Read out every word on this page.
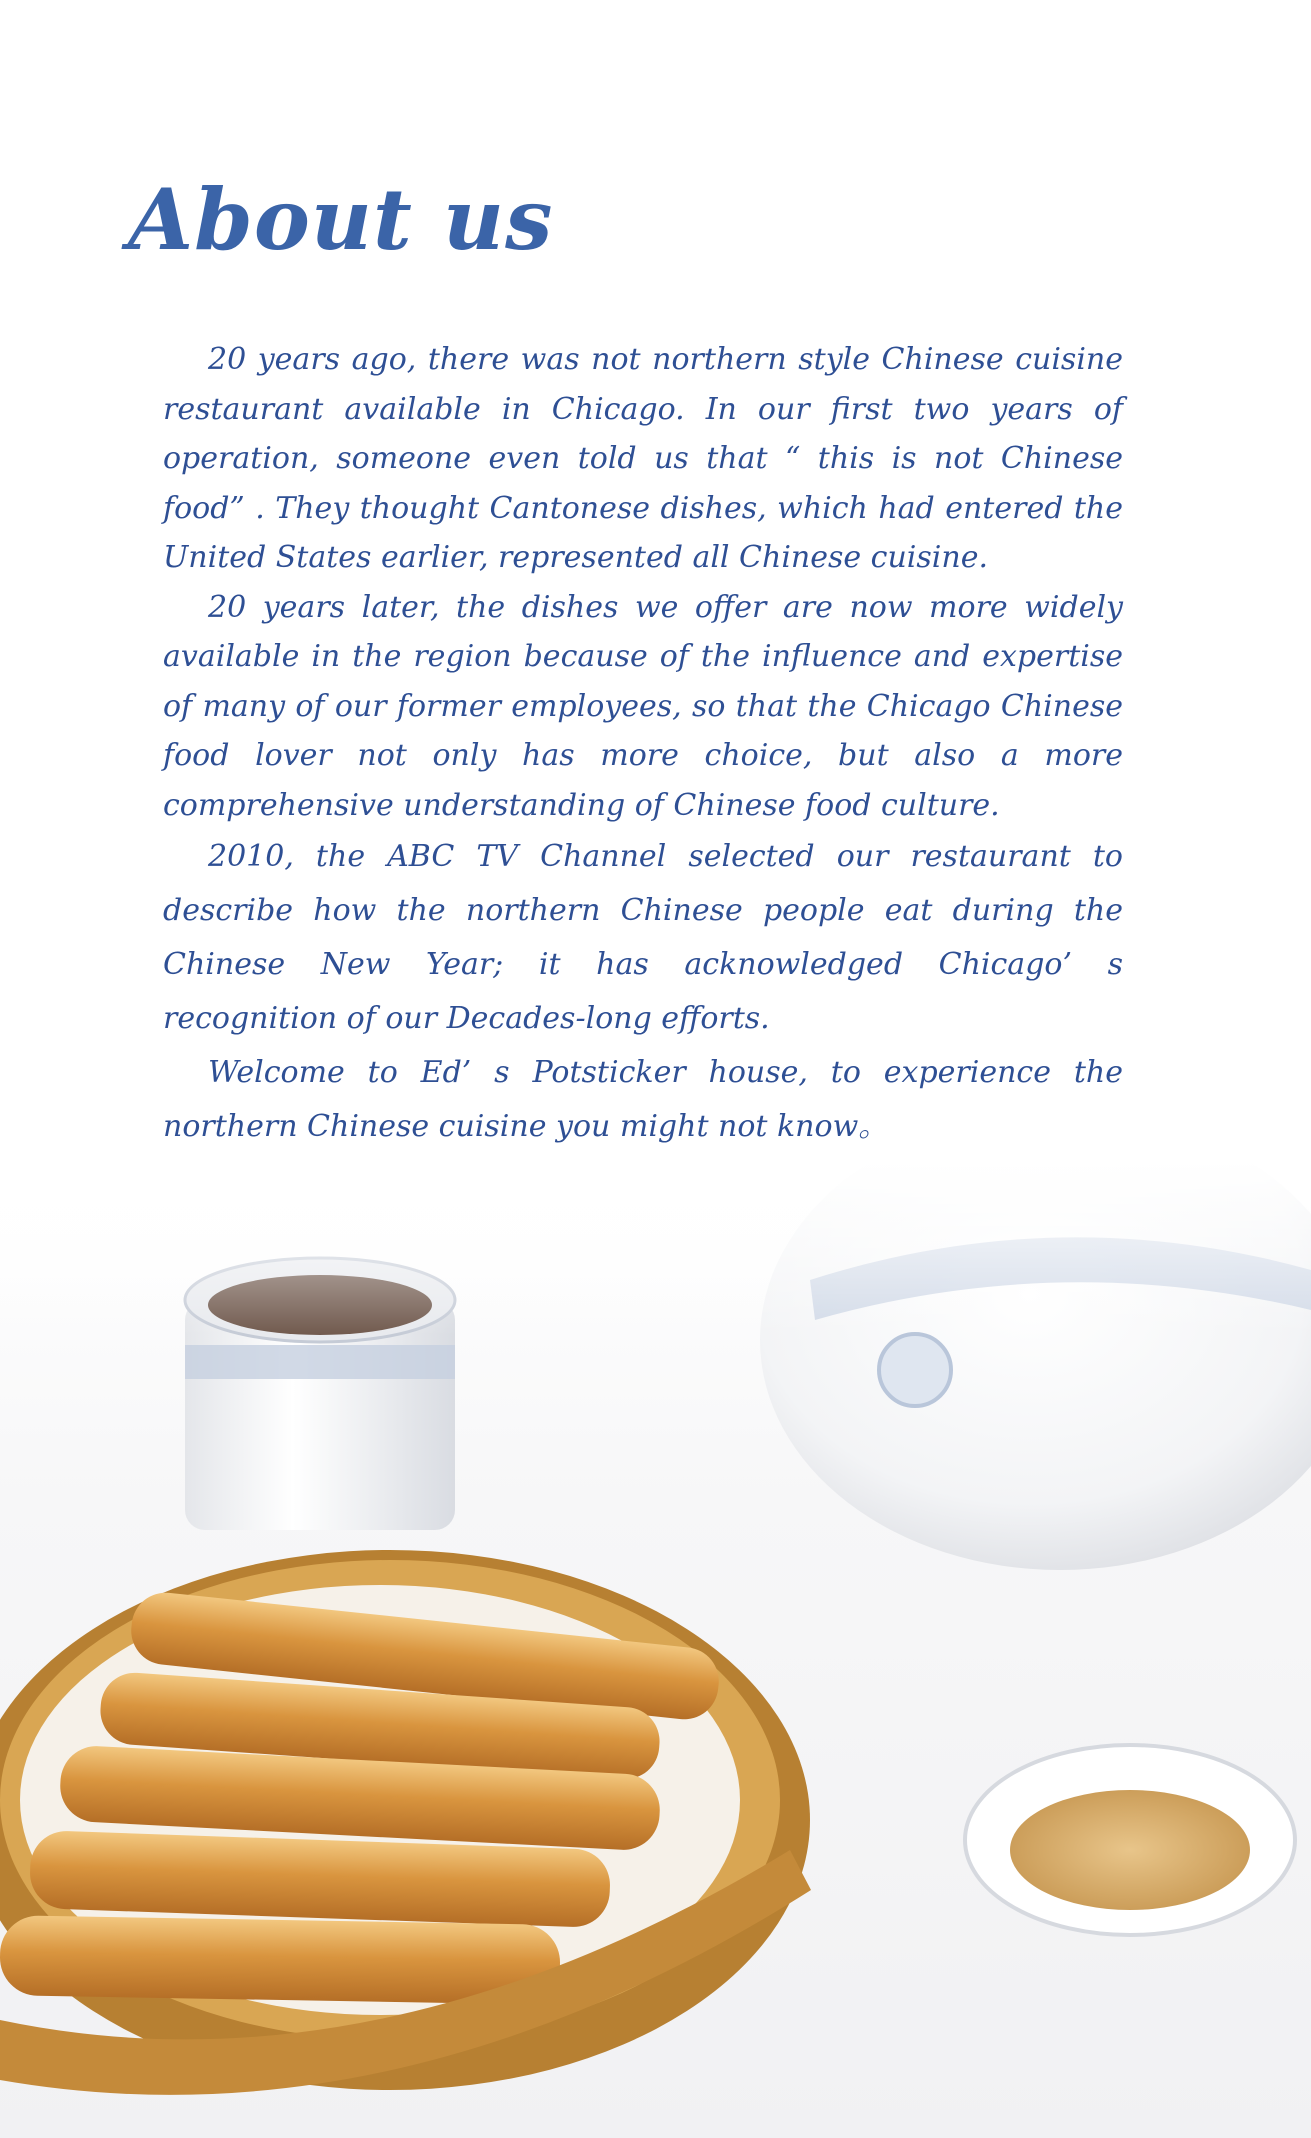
About us

20 years ago, there was not northern style Chinese cuisine restaurant available in Chicago. In our first two years of operation, someone even told us that “ this is not Chinese food” . They thought Cantonese dishes, which had entered the United States earlier, represented all Chinese cuisine.

20 years later, the dishes we offer are now more widely available in the region because of the influence and expertise of many of our former employees, so that the Chicago Chinese food lover not only has more choice, but also a more comprehensive understanding of Chinese food culture.

2010, the ABC TV Channel selected our restaurant to describe how the northern Chinese people eat during the Chinese New Year; it has acknowledged Chicago’ s recognition of our Decades-long efforts.

Welcome to Ed’ s Potsticker house, to experience the northern Chinese cuisine you might not know。
